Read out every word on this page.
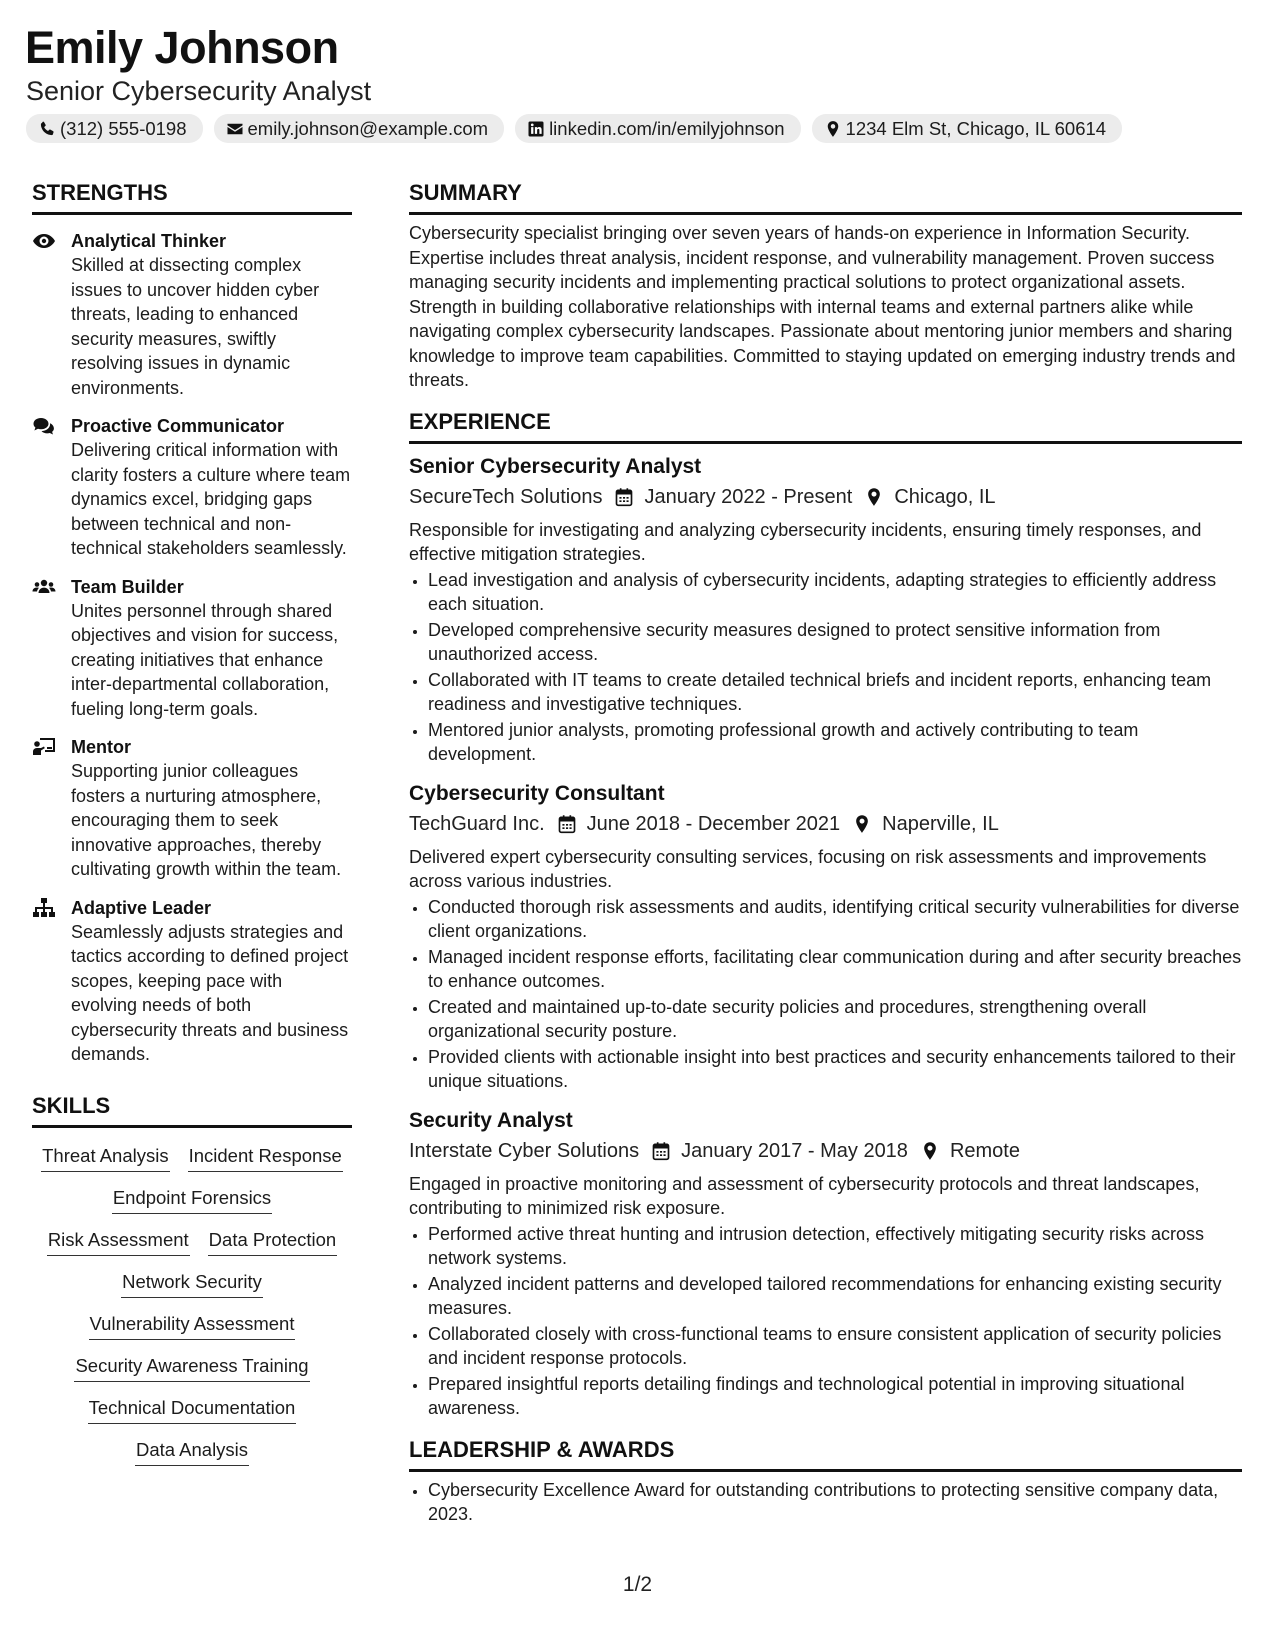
Emily Johnson
Senior Cybersecurity Analyst
(312) 555-0198	emily.johnson@example.com	linkedin.com/in/emilyjohnson	1234 Elm St, Chicago, IL 60614
STRENGTHS
Analytical Thinker
Skilled at dissecting complex issues to uncover hidden cyber threats, leading to enhanced security measures, swiftly resolving issues in dynamic environments.
Proactive Communicator
Delivering critical information with clarity fosters a culture where team dynamics excel, bridging gaps between technical and non-technical stakeholders seamlessly.
Team Builder
Unites personnel through shared objectives and vision for success, creating initiatives that enhance inter-departmental collaboration, fueling long-term goals.
Mentor
Supporting junior colleagues fosters a nurturing atmosphere, encouraging them to seek innovative approaches, thereby cultivating growth within the team.
Adaptive Leader
Seamlessly adjusts strategies and tactics according to defined project scopes, keeping pace with evolving needs of both cybersecurity threats and business demands.
SKILLS
Threat Analysis Incident Response
Endpoint Forensics
Risk Assessment Data Protection
Network Security
Vulnerability Assessment
Security Awareness Training
Technical Documentation
Data Analysis
SUMMARY
Cybersecurity specialist bringing over seven years of hands-on experience in Information Security. Expertise includes threat analysis, incident response, and vulnerability management. Proven success managing security incidents and implementing practical solutions to protect organizational assets. Strength in building collaborative relationships with internal teams and external partners alike while navigating complex cybersecurity landscapes. Passionate about mentoring junior members and sharing knowledge to improve team capabilities. Committed to staying updated on emerging industry trends and threats.
EXPERIENCE
Senior Cybersecurity Analyst
SecureTech Solutions January 2022 - Present Chicago, IL
Responsible for investigating and analyzing cybersecurity incidents, ensuring timely responses, and effective mitigation strategies.
• Lead investigation and analysis of cybersecurity incidents, adapting strategies to efficiently address each situation.
• Developed comprehensive security measures designed to protect sensitive information from unauthorized access.
• Collaborated with IT teams to create detailed technical briefs and incident reports, enhancing team readiness and investigative techniques.
• Mentored junior analysts, promoting professional growth and actively contributing to team development.
Cybersecurity Consultant
TechGuard Inc. June 2018 - December 2021 Naperville, IL
Delivered expert cybersecurity consulting services, focusing on risk assessments and improvements across various industries.
• Conducted thorough risk assessments and audits, identifying critical security vulnerabilities for diverse client organizations.
• Managed incident response efforts, facilitating clear communication during and after security breaches to enhance outcomes.
• Created and maintained up-to-date security policies and procedures, strengthening overall organizational security posture.
• Provided clients with actionable insight into best practices and security enhancements tailored to their unique situations.
Security Analyst
Interstate Cyber Solutions January 2017 - May 2018 Remote
Engaged in proactive monitoring and assessment of cybersecurity protocols and threat landscapes, contributing to minimized risk exposure.
• Performed active threat hunting and intrusion detection, effectively mitigating security risks across network systems.
• Analyzed incident patterns and developed tailored recommendations for enhancing existing security measures.
• Collaborated closely with cross-functional teams to ensure consistent application of security policies and incident response protocols.
• Prepared insightful reports detailing findings and technological potential in improving situational awareness.
LEADERSHIP & AWARDS
• Cybersecurity Excellence Award for outstanding contributions to protecting sensitive company data, 2023.
1/2
